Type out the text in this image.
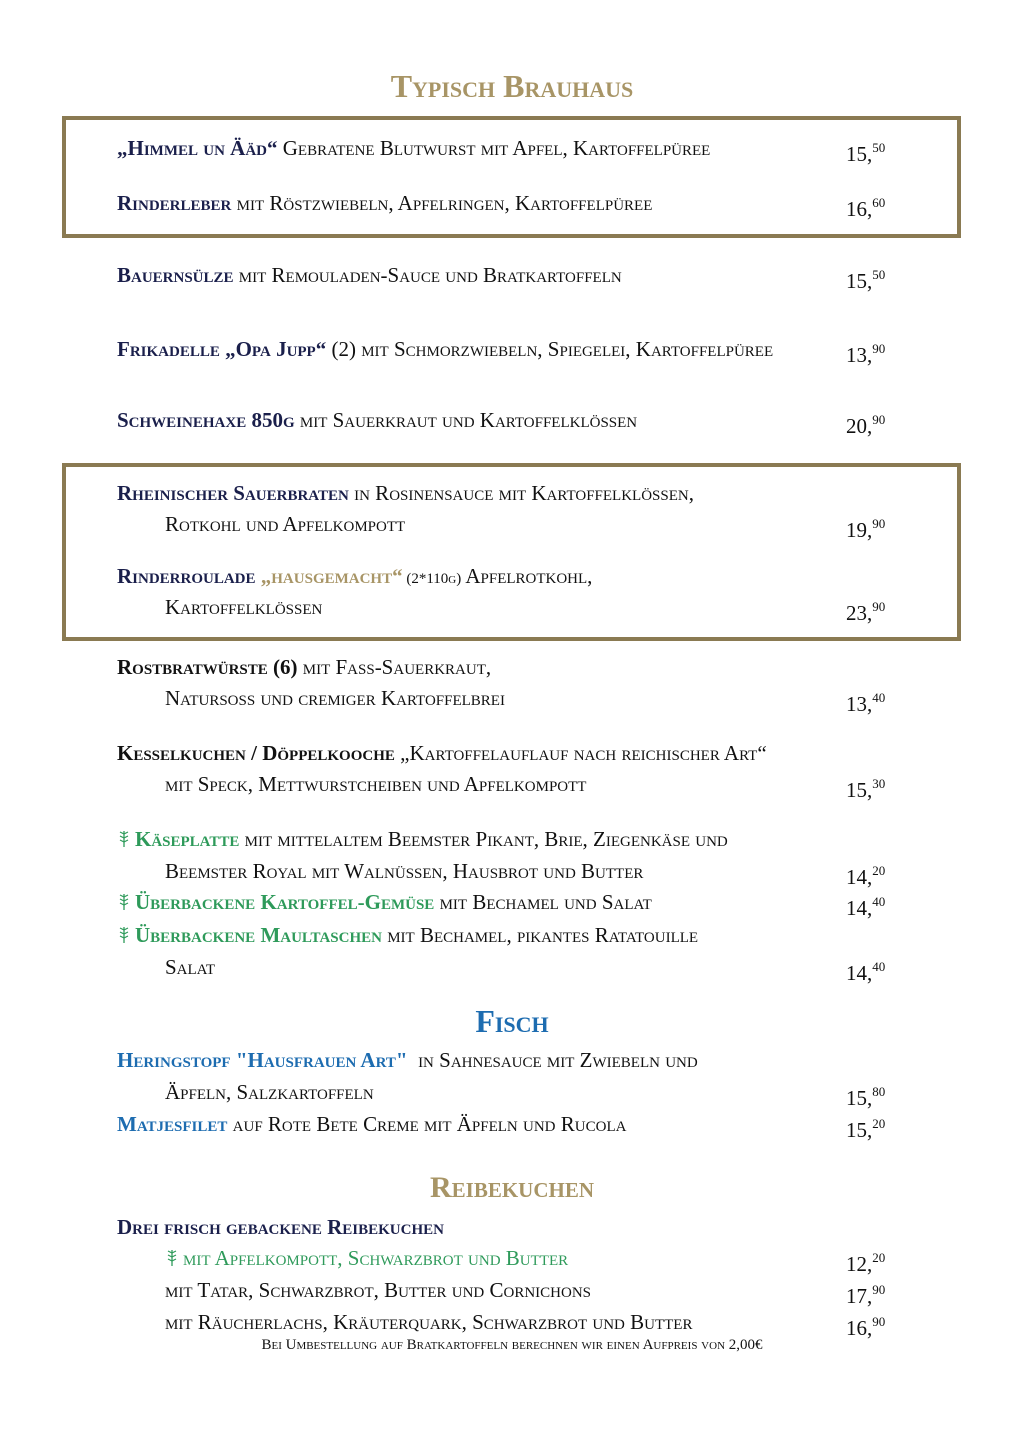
Typisch Brauhaus
„Himmel un Ääd“ Gebratene Blutwurst mit Apfel, Kartoffelpüree	15,50
Rinderleber mit Röstzwiebeln, Apfelringen, Kartoffelpüree	16,60
Bauernsülze mit Remouladen-Sauce und Bratkartoffeln	15,50
Frikadelle „Opa Jupp“ (2) mit Schmorzwiebeln, Spiegelei, Kartoffelpüree	13,90
Schweinehaxe 850g mit Sauerkraut und Kartoffelklößen	20,90
Rheinischer Sauerbraten in Rosinensauce mit Kartoffelklößen,
Rotkohl und Apfelkompott	19,90
Rinderroulade „hausgemacht“ (2*110g) Apfelrotkohl,
Kartoffelklößen	23,90
Rostbratwürste (6) mit Fass-Sauerkraut,
Natursoß und cremiger Kartoffelbrei	13,40
Kesselkuchen / Döppelkooche „Kartoffelauflauf nach reichischer Art“
mit Speck, Mettwurstcheiben und Apfelkompott	15,30
Käseplatte mit mittelaltem Beemster Pikant, Brie, Ziegenkäse und
Beemster Royal mit Walnüssen, Hausbrot und Butter	14,20
Überbackene Kartoffel-Gemüse mit Bechamel und Salat	14,40
Überbackene Maultaschen mit Bechamel, pikantes Ratatouille
Salat	14,40
Fisch
Heringstopf "Hausfrauen Art"  in Sahnesauce mit Zwiebeln und
Äpfeln, Salzkartoffeln	15,80
Matjesfilet auf Rote Bete Creme mit Äpfeln und Rucola	15,20
Reibekuchen
Drei frisch gebackene Reibekuchen
mit Apfelkompott, Schwarzbrot und Butter	12,20
mit Tatar, Schwarzbrot, Butter und Cornichons	17,90
mit Räucherlachs, Kräuterquark, Schwarzbrot und Butter	16,90
Bei Umbestellung auf Bratkartoffeln berechnen wir einen Aufpreis von 2,00€
